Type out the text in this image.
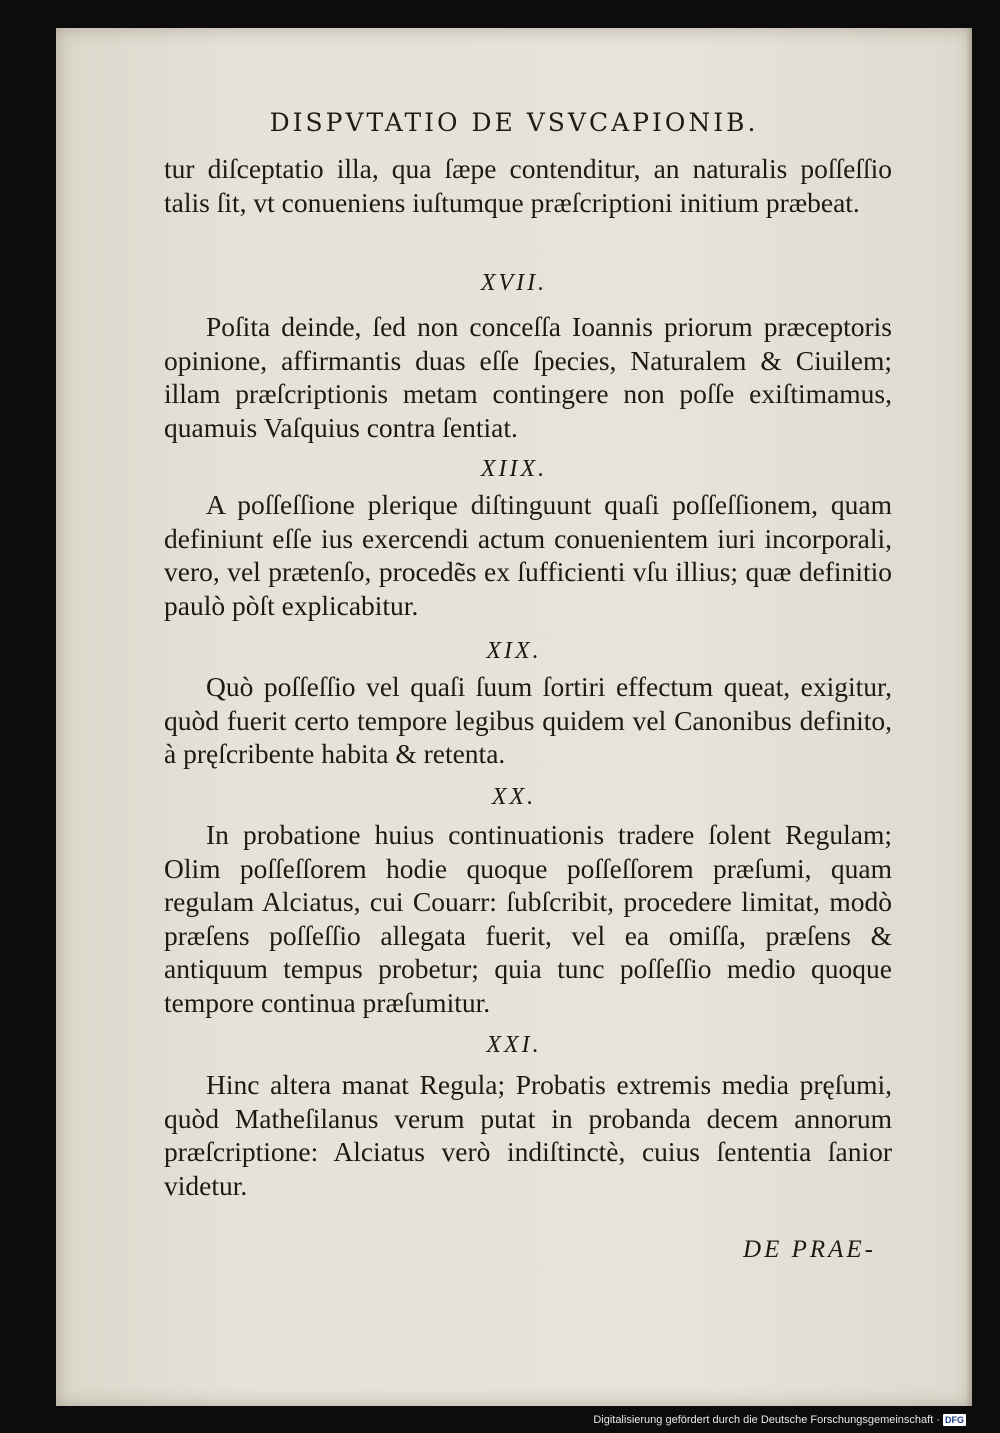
DISPVTATIO DE VSVCAPIONIB.

tur diſceptatio illa, qua ſæpe contenditur, an naturalis poſſeſſio talis ſit, vt conueniens iuſtumque præſcriptioni initium præbeat.

XVII.

Poſita deinde, ſed non conceſſa Ioannis priorum præceptoris opinione, affirmantis duas eſſe ſpecies, Naturalem & Ciuilem; illam præſcriptionis metam contingere non poſſe exiſtimamus, quamuis Vaſquius contra ſentiat.

XIIX.

A poſſeſſione plerique diſtinguunt quaſi poſſeſſionem, quam definiunt eſſe ius exercendi actum conuenientem iuri incorporali, vero, vel prætenſo, procedẽs ex ſufficienti vſu illius; quæ definitio paulò pòſt explicabitur.

XIX.

Quò poſſeſſio vel quaſi ſuum ſortiri effectum queat, exigitur, quòd fuerit certo tempore legibus quidem vel Canonibus definito, à pręſcribente habita & retenta.

XX.

In probatione huius continuationis tradere ſolent Regulam; Olim poſſeſſorem hodie quoque poſſeſſorem præſumi, quam regulam Alciatus, cui Couarr: ſubſcribit, procedere limitat, modò præſens poſſeſſio allegata fuerit, vel ea omiſſa, præſens & antiquum tempus probetur; quia tunc poſſeſſio medio quoque tempore continua præſumitur.

XXI.

Hinc altera manat Regula; Probatis extremis media pręſumi, quòd Matheſilanus verum putat in probanda decem annorum præſcriptione: Alciatus verò indiſtinctè, cuius ſententia ſanior videtur.

DE PRAE-
Digitalisierung gefördert durch die Deutsche Forschungsgemeinschaft · DFG
